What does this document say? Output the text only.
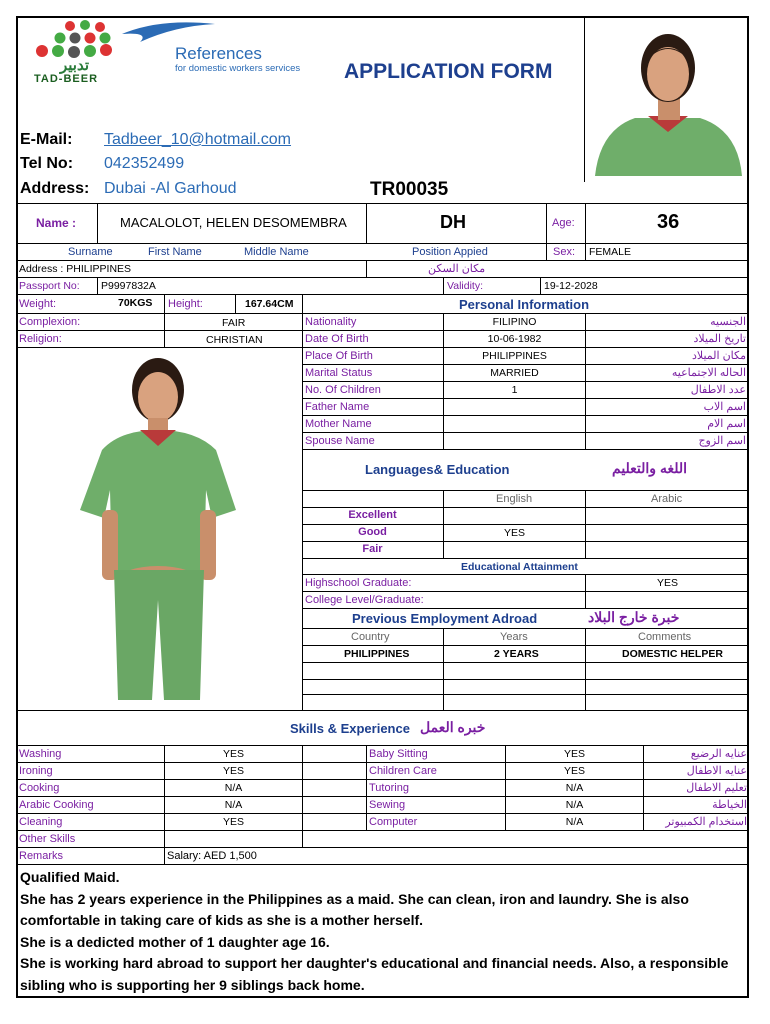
تدبير
TAD-BEER
References
for domestic workers services APPLICATION FORM
E-Mail: Tadbeer_10@hotmail.com
Tel No: 042352499
Address: Dubai -Al Garhoud	TR00035
Name :	MACALOLOT, HELEN DESOMEMBRA	DH	Age:	36
Surname	First Name	Middle Name	Position Appied	Sex: FEMALE
Address : PHILIPPINES	مكان السكن
Passport No: P9997832A	Validity:	19-12-2028
Weight:	70KGS Height:	167.64CM	Personal Information
Complexion:	FAIR
Religion:	CHRISTIAN
Nationality	FILIPINO	الجنسيه
Date Of Birth	10-06-1982	تاريخ الميلاد
Place Of Birth	PHILIPPINES	مكان الميلاد
Marital Status	MARRIED	الحاله الاجتماعيه
No. Of Children	1	عدد الاطفال
Father Name	اسم الاب
Mother Name	اسم الام
Spouse Name	اسم الزوج
Languages& Education	اللغه والتعليم
English	Arabic
Excellent
Good	YES
Fair
Educational Attainment
Highschool Graduate:	YES
College Level/Graduate:
Previous Employment Adroad	خبرة خارج البلاد
Country	Years	Comments
PHILIPPINES	2 YEARS	DOMESTIC HELPER
Skills & Experience خبره العمل
Washing	YES	Baby Sitting	YES	عنايه الرضيع
Ironing	YES	Children Care	YES	عنايه الاطفال
Cooking	N/A	Tutoring	N/A	تعليم الاطفال
Arabic Cooking	N/A	Sewing	N/A	الخياطة
Cleaning	YES	Computer	N/A	استخدام الكمبيوتر
Other Skills
Remarks	Salary: AED 1,500
Qualified Maid.
She has 2 years experience in the Philippines as a maid. She can clean, iron and laundry. She is also
comfortable in taking care of kids as she is a mother herself.
She is a dedicted mother of 1 daughter age 16.
She is working hard abroad to support her daughter's educational and financial needs. Also, a responsible
sibling who is supporting her 9 siblings back home.
